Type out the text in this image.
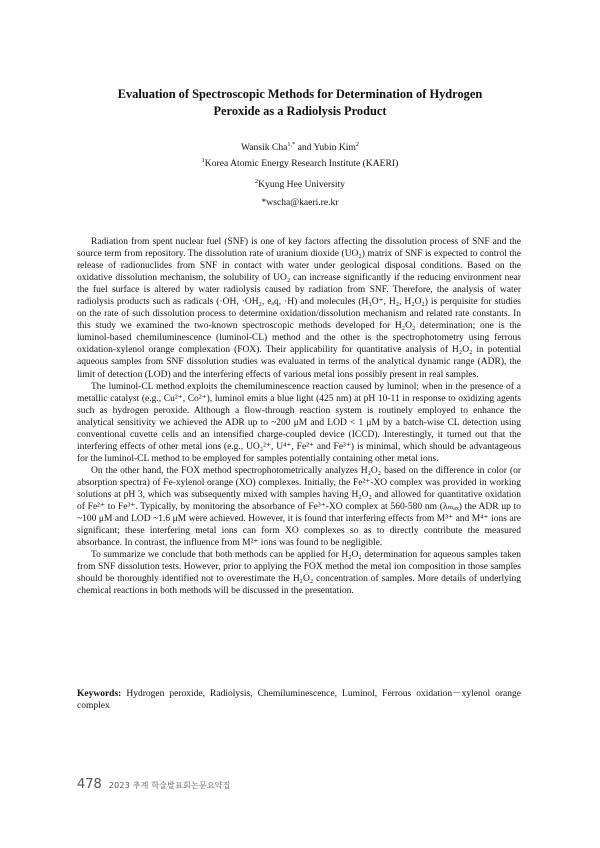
Evaluation of Spectroscopic Methods for Determination of Hydrogen
Peroxide as a Radiolysis Product
Wansik Cha$^{1,*}$ and Yubin Kim$^2$
$^1$Korea Atomic Energy Research Institute (KAERI)
$^2$Kyung Hee University
*wscha@kaeri.re.kr

Radiation from spent nuclear fuel (SNF) is one of key factors affecting the dissolution process of SNF and the source term from repository. The dissolution rate of uranium dioxide (UO₂) matrix of SNF is expected to control the release of radionuclides from SNF in contact with water under geological disposal conditions. Based on the oxidative dissolution mechanism, the solubility of UO₂ can increase significantly if the reducing environment near the fuel surface is altered by water radiolysis caused by radiation from SNF. Therefore, the analysis of water radiolysis products such as radicals (·OH, ·OH₂, eₐq, ·H) and molecules (H₃O⁺, H₂, H₂O₂) is perquisite for studies on the rate of such dissolution process to determine oxidation/dissolution mechanism and related rate constants. In this study we examined the two-known spectroscopic methods developed for H₂O₂ determination; one is the luminol-based chemiluminescence (luminol-CL) method and the other is the spectrophotometry using ferrous oxidation-xylenol orange complexation (FOX). Their applicability for quantitative analysis of H₂O₂ in potential aqueous samples from SNF dissolution studies was evaluated in terms of the analytical dynamic range (ADR), the limit of detection (LOD) and the interfering effects of various metal ions possibly present in real samples.

The luminol-CL method exploits the chemiluminescence reaction caused by luminol; when in the presence of a metallic catalyst (e.g., Cu²⁺, Co²⁺), luminol emits a blue light (425 nm) at pH 10-11 in response to oxidizing agents such as hydrogen peroxide. Although a flow-through reaction system is routinely employed to enhance the analytical sensitivity we achieved the ADR up to ~200 μM and LOD < 1 μM by a batch-wise CL detection using conventional cuvette cells and an intensified charge-coupled device (ICCD). Interestingly, it turned out that the interfering effects of other metal ions (e.g., UO₂²⁺, U⁴⁺, Fe²⁺ and Fe³⁺) is minimal, which should be advantageous for the luminol-CL method to be employed for samples potentially containing other metal ions.

On the other hand, the FOX method spectrophotometrically analyzes H₂O₂ based on the difference in color (or absorption spectra) of Fe-xylenol orange (XO) complexes. Initially, the Fe²⁺-XO complex was provided in working solutions at pH 3, which was subsequently mixed with samples having H₂O₂ and allowed for quantitative oxidation of Fe²⁺ to Fe³⁺. Typically, by monitoring the absorbance of Fe³⁺-XO complex at 560-580 nm (λₘₐₓ) the ADR up to ~100 μM and LOD ~1.6 μM were achieved. However, it is found that interfering effects from M³⁺ and M⁴⁺ ions are significant; these interfering metal ions can form XO complexes so as to directly contribute the measured absorbance. In contrast, the influence from M²⁺ ions was found to be negligible.

To summarize we conclude that both methods can be applied for H₂O₂ determination for aqueous samples taken from SNF dissolution tests. However, prior to applying the FOX method the metal ion composition in those samples should be thoroughly identified not to overestimate the H₂O₂ concentration of samples. More details of underlying chemical reactions in both methods will be discussed in the presentation.

Keywords: Hydrogen peroxide, Radiolysis, Chemiluminescence, Luminol, Ferrous oxidation－xylenol orange complex
478 2023 추계 학술발표회논문요약집
